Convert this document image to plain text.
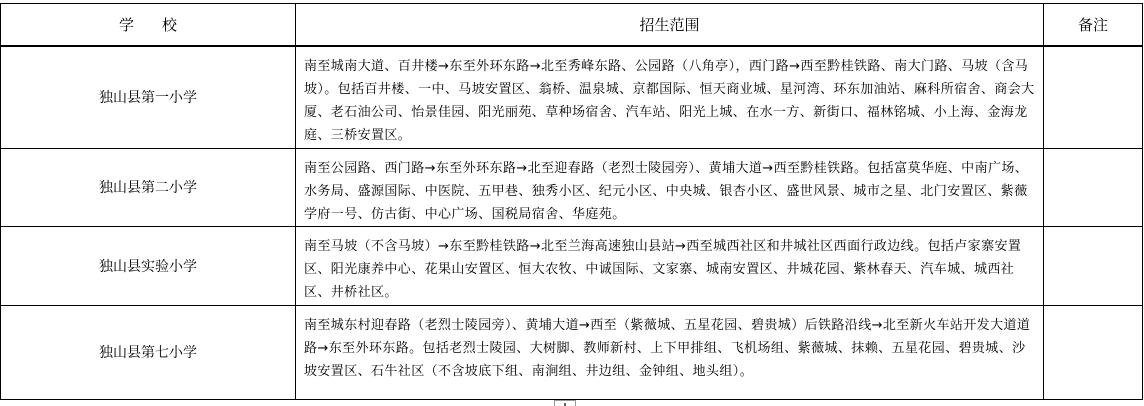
学校	招生范围	备注
独山县第一小学	南至城南大道、百井楼→东至外环东路→北至秀峰东路、公园路（八角亭），西门路→西至黔桂铁路、南大门路、马坡（含马坡）。包括百井楼、一中、马坡安置区、翁桥、温泉城、京都国际、恒天商业城、星河湾、环东加油站、麻科所宿舍、商会大厦、老石油公司、怡景佳园、阳光丽苑、草种场宿舍、汽车站、阳光上城、在水一方、新街口、福林铭城、小上海、金海龙庭、三桥安置区。	
独山县第二小学	南至公园路、西门路→东至外环东路→北至迎春路（老烈士陵园旁）、黄埔大道→西至黔桂铁路。包括富莫华庭、中南广场、水务局、盛源国际、中医院、五甲巷、独秀小区、纪元小区、中央城、银杏小区、盛世风景、城市之星、北门安置区、紫薇学府一号、仿古街、中心广场、国税局宿舍、华庭苑。	
独山县实验小学	南至马坡（不含马坡）→东至黔桂铁路→北至兰海高速独山县站→西至城西社区和井城社区西面行政边线。包括卢家寨安置区、阳光康养中心、花果山安置区、恒大农牧、中诚国际、文家寨、城南安置区、井城花园、紫林春天、汽车城、城西社区、井桥社区。	
独山县第七小学	南至城东村迎春路（老烈士陵园旁）、黄埔大道→西至（紫薇城、五星花园、碧贵城）后铁路沿线→北至新火车站开发大道道路→东至外环东路。包括老烈士陵园、大树脚、教师新村、上下甲排组、飞机场组、紫薇城、抹赖、五星花园、碧贵城、沙坡安置区、石牛社区（不含坡底下组、南涧组、井边组、金钟组、地头组）。	
